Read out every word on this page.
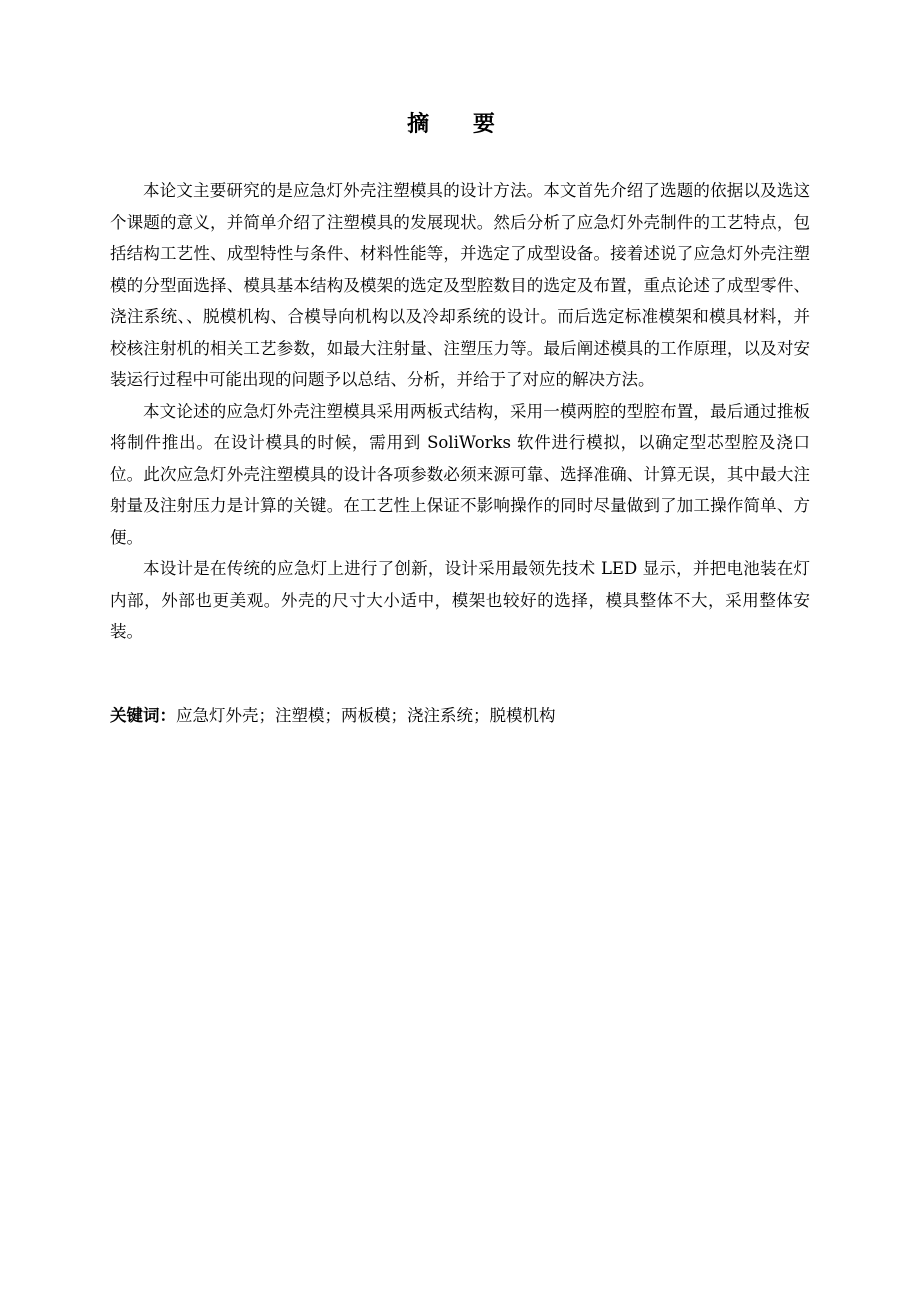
摘 要

本论文主要研究的是应急灯外壳注塑模具的设计方法。本文首先介绍了选题的依据以及选这个课题的意义，并简单介绍了注塑模具的发展现状。然后分析了应急灯外壳制件的工艺特点，包括结构工艺性、成型特性与条件、材料性能等，并选定了成型设备。接着述说了应急灯外壳注塑模的分型面选择、模具基本结构及模架的选定及型腔数目的选定及布置，重点论述了成型零件、浇注系统、、脱模机构、合模导向机构以及冷却系统的设计。而后选定标准模架和模具材料，并校核注射机的相关工艺参数，如最大注射量、注塑压力等。最后阐述模具的工作原理，以及对安装运行过程中可能出现的问题予以总结、分析，并给于了对应的解决方法。

本文论述的应急灯外壳注塑模具采用两板式结构，采用一模两腔的型腔布置，最后通过推板将制件推出。在设计模具的时候，需用到 SoliWorks 软件进行模拟，以确定型芯型腔及浇口位。此次应急灯外壳注塑模具的设计各项参数必须来源可靠、选择准确、计算无误，其中最大注射量及注射压力是计算的关键。在工艺性上保证不影响操作的同时尽量做到了加工操作简单、方便。

本设计是在传统的应急灯上进行了创新，设计采用最领先技术 LED 显示，并把电池装在灯内部，外部也更美观。外壳的尺寸大小适中，模架也较好的选择，模具整体不大，采用整体安装。

关键词：应急灯外壳；注塑模；两板模；浇注系统；脱模机构
